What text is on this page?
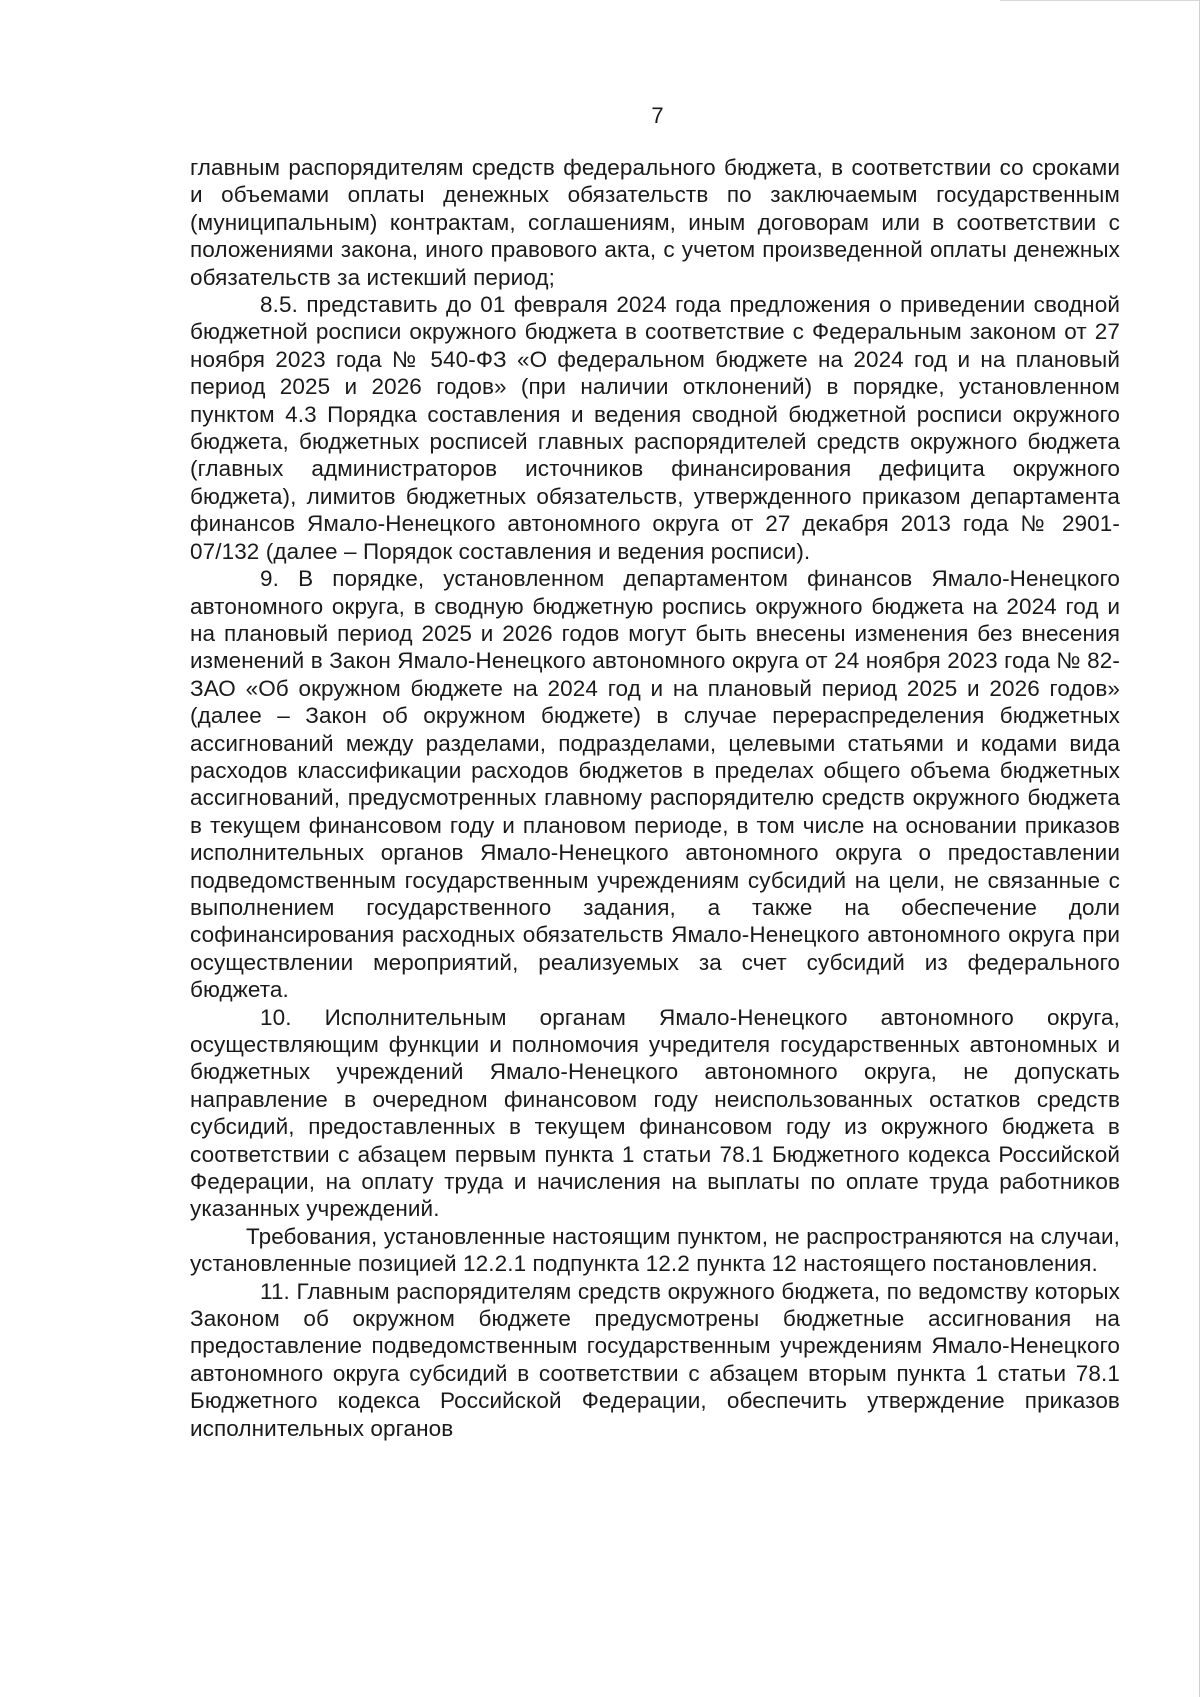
7

главным распорядителям средств федерального бюджета, в соответствии со сроками и объемами оплаты денежных обязательств по заключаемым государственным (муниципальным) контрактам, соглашениям, иным договорам или в соответствии с положениями закона, иного правового акта, с учетом произведенной оплаты денежных обязательств за истекший период;

8.5. представить до 01 февраля 2024 года предложения о приведении сводной бюджетной росписи окружного бюджета в соответствие с Федеральным законом от 27 ноября 2023 года № 540-ФЗ «О федеральном бюджете на 2024 год и на плановый период 2025 и 2026 годов» (при наличии отклонений) в порядке, установленном пунктом 4.3 Порядка составления и ведения сводной бюджетной росписи окружного бюджета, бюджетных росписей главных распорядителей средств окружного бюджета (главных администраторов источников финансирования дефицита окружного бюджета), лимитов бюджетных обязательств, утвержденного приказом департамента финансов Ямало-Ненецкого автономного округа от 27 декабря 2013 года № 2901-07/132 (далее – Порядок составления и ведения росписи).

9. В порядке, установленном департаментом финансов Ямало-Ненецкого автономного округа, в сводную бюджетную роспись окружного бюджета на 2024 год и на плановый период 2025 и 2026 годов могут быть внесены изменения без внесения изменений в Закон Ямало-Ненецкого автономного округа от 24 ноября 2023 года № 82-ЗАО «Об окружном бюджете на 2024 год и на плановый период 2025 и 2026 годов» (далее – Закон об окружном бюджете) в случае перераспределения бюджетных ассигнований между разделами, подразделами, целевыми статьями и кодами вида расходов классификации расходов бюджетов в пределах общего объема бюджетных ассигнований, предусмотренных главному распорядителю средств окружного бюджета в текущем финансовом году и плановом периоде, в том числе на основании приказов исполнительных органов Ямало-Ненецкого автономного округа о предоставлении подведомственным государственным учреждениям субсидий на цели, не связанные с выполнением государственного задания, а также на обеспечение доли софинансирования расходных обязательств Ямало-Ненецкого автономного округа при осуществлении мероприятий, реализуемых за счет субсидий из федерального бюджета.

10. Исполнительным органам Ямало-Ненецкого автономного округа, осуществляющим функции и полномочия учредителя государственных автономных и бюджетных учреждений Ямало-Ненецкого автономного округа, не допускать направление в очередном финансовом году неиспользованных остатков средств субсидий, предоставленных в текущем финансовом году из окружного бюджета в соответствии с абзацем первым пункта 1 статьи 78.1 Бюджетного кодекса Российской Федерации, на оплату труда и начисления на выплаты по оплате труда работников указанных учреждений.

Требования, установленные настоящим пунктом, не распространяются на случаи, установленные позицией 12.2.1 подпункта 12.2 пункта 12 настоящего постановления.

11. Главным распорядителям средств окружного бюджета, по ведомству которых Законом об окружном бюджете предусмотрены бюджетные ассигнования на предоставление подведомственным государственным учреждениям Ямало-Ненецкого автономного округа субсидий в соответствии с абзацем вторым пункта 1 статьи 78.1 Бюджетного кодекса Российской Федерации, обеспечить утверждение приказов исполнительных органов
